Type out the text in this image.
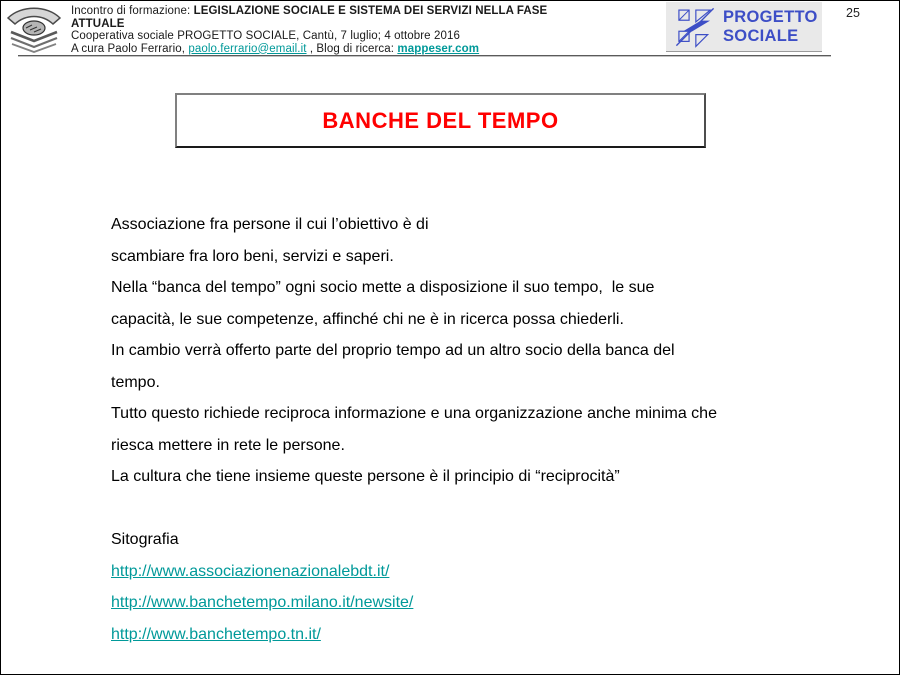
Incontro di formazione: LEGISLAZIONE SOCIALE E SISTEMA DEI SERVIZI NELLA FASE
ATTUALE
Cooperativa sociale PROGETTO SOCIALE, Cantù, 7 luglio; 4 ottobre 2016
A cura Paolo Ferrario, paolo.ferrario@email.it , Blog di ricerca: mappeser.com
PROGETTO
SOCIALE
25
BANCHE DEL TEMPO
Associazione fra persone il cui l’obiettivo è di
scambiare fra loro beni, servizi e saperi.
Nella “banca del tempo” ogni socio mette a disposizione il suo tempo,  le sue
capacità, le sue competenze, affinché chi ne è in ricerca possa chiederli.
In cambio verrà offerto parte del proprio tempo ad un altro socio della banca del
tempo.
Tutto questo richiede reciproca informazione e una organizzazione anche minima che
riesca mettere in rete le persone.
La cultura che tiene insieme queste persone è il principio di “reciprocità”
Sitografia
http://www.associazionenazionalebdt.it/
http://www.banchetempo.milano.it/newsite/
http://www.banchetempo.tn.it/
